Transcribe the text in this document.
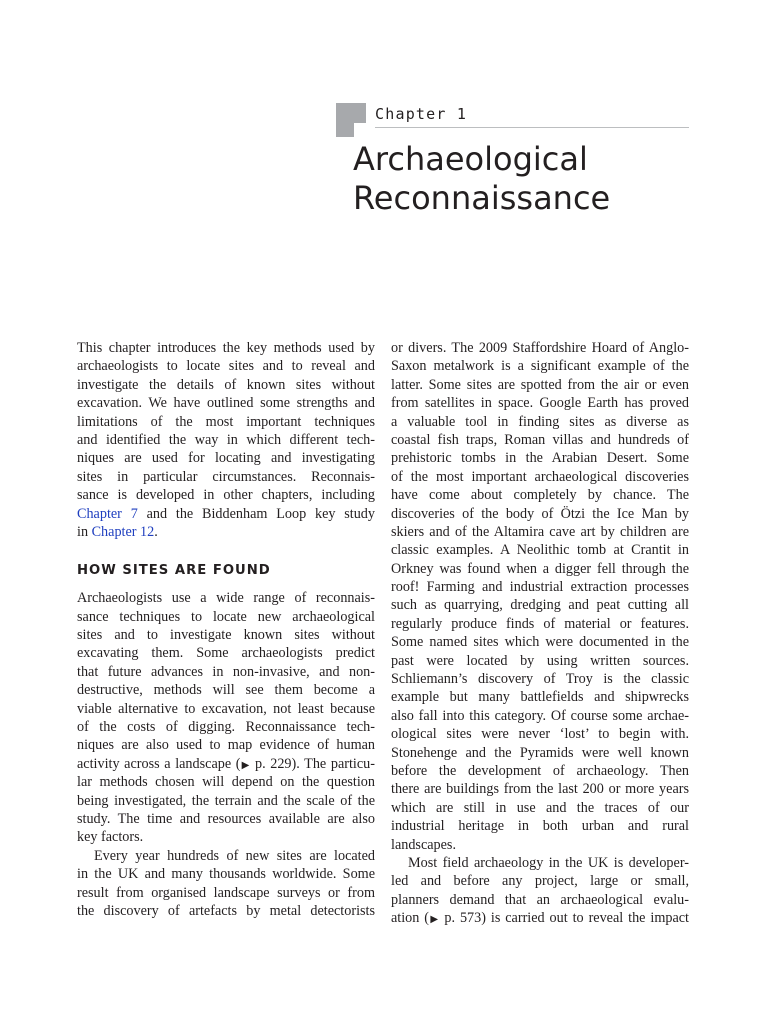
Chapter 1
Archaeological
Reconnaissance
This chapter introduces the key methods used by
archaeologists to locate sites and to reveal and
investigate the details of known sites without
excavation. We have outlined some strengths and
limitations of the most important techniques
and identified the way in which different tech-
niques are used for locating and investigating
sites in particular circumstances. Reconnais-
sance is developed in other chapters, including
Chapter 7 and the Biddenham Loop key study
in Chapter 12.
HOW SITES ARE FOUND
Archaeologists use a wide range of reconnais-
sance techniques to locate new archaeological
sites and to investigate known sites without
excavating them. Some archaeologists predict
that future advances in non-invasive, and non-
destructive, methods will see them become a
viable alternative to excavation, not least because
of the costs of digging. Reconnaissance tech-
niques are also used to map evidence of human
activity across a landscape (▶ p. 229). The particu-
lar methods chosen will depend on the question
being investigated, the terrain and the scale of the
study. The time and resources available are also
key factors.
Every year hundreds of new sites are located
in the UK and many thousands worldwide. Some
result from organised landscape surveys or from
the discovery of artefacts by metal detectorists
or divers. The 2009 Staffordshire Hoard of Anglo-
Saxon metalwork is a significant example of the
latter. Some sites are spotted from the air or even
from satellites in space. Google Earth has proved
a valuable tool in finding sites as diverse as
coastal fish traps, Roman villas and hundreds of
prehistoric tombs in the Arabian Desert. Some
of the most important archaeological discoveries
have come about completely by chance. The
discoveries of the body of Ötzi the Ice Man by
skiers and of the Altamira cave art by children are
classic examples. A Neolithic tomb at Crantit in
Orkney was found when a digger fell through the
roof! Farming and industrial extraction processes
such as quarrying, dredging and peat cutting all
regularly produce finds of material or features.
Some named sites which were documented in the
past were located by using written sources.
Schliemann’s discovery of Troy is the classic
example but many battlefields and shipwrecks
also fall into this category. Of course some archae-
ological sites were never ‘lost’ to begin with.
Stonehenge and the Pyramids were well known
before the development of archaeology. Then
there are buildings from the last 200 or more years
which are still in use and the traces of our
industrial heritage in both urban and rural
landscapes.
Most field archaeology in the UK is developer-
led and before any project, large or small,
planners demand that an archaeological evalu-
ation (▶ p. 573) is carried out to reveal the impact
